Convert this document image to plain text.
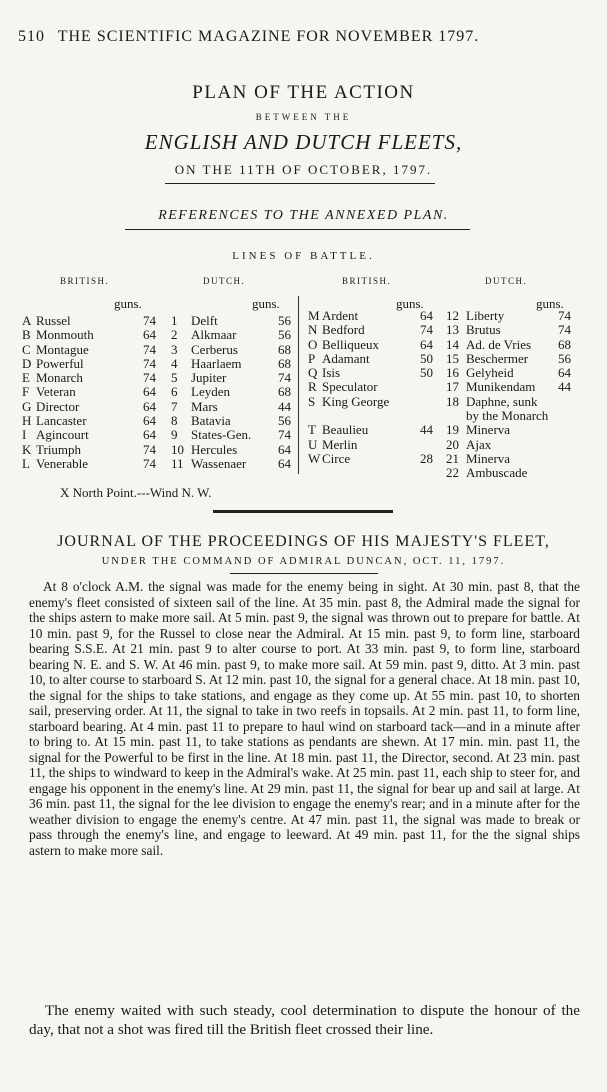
510 THE SCIENTIFIC MAGAZINE FOR NOVEMBER 1797.
PLAN OF THE ACTION
BETWEEN THE
ENGLISH AND DUTCH FLEETS,
ON THE 11TH OF OCTOBER, 1797.
REFERENCES TO THE ANNEXED PLAN.
LINES OF BATTLE.
BRITISH.	DUTCH.	BRITISH.	DUTCH.
guns.	guns.	guns.	guns.
A Russel	74
B Monmouth	64
C Montague	74
D Powerful	74
E Monarch	74
F Veteran	64
G Director	64
H Lancaster	64
I Agincourt	64
K Triumph	74
L Venerable	74
1 Delft	56
2 Alkmaar	56
3 Cerberus	68
4 Haarlaem	68
5 Jupiter	74
6 Leyden	68
7 Mars	44
8 Batavia	56
9 States-Gen. 74
10 Hercules	64
11 Wassenaer 64
M Ardent	64
N Bedford	74
O Belliqueux	64
P Adamant	50
Q Isis	50
R Speculator
S King George
T Beaulieu	44
U Merlin
W Circe	28
12 Liberty	74
13 Brutus	74
14 Ad. de Vries 68
15 Beschermer 56
16 Gelyheid	64
17 Munikendam 44
18 Daphne, sunk
by the Monarch
19 Minerva
20 Ajax
21 Minerva
22 Ambuscade
X North Point.---Wind N. W.
JOURNAL OF THE PROCEEDINGS OF HIS MAJESTY'S FLEET,
UNDER THE COMMAND OF ADMIRAL DUNCAN, OCT. 11, 1797.
At 8 o'clock A.M. the signal was made for the enemy being in sight. At 30 min. past 8, that the enemy's fleet consisted of sixteen sail of the line. At 35 min. past 8, the Admiral made the signal for the ships astern to make more sail. At 5 min. past 9, the signal was thrown out to prepare for battle. At 10 min. past 9, for the Russel to close near the Admiral. At 15 min. past 9, to form line, starboard bearing S.S.E. At 21 min. past 9 to alter course to port. At 33 min. past 9, to form line, starboard bearing N. E. and S. W. At 46 min. past 9, to make more sail. At 59 min. past 9, ditto. At 3 min. past 10, to alter course to starboard S. At 12 min. past 10, the signal for a general chace. At 18 min. past 10, the signal for the ships to take stations, and engage as they come up. At 55 min. past 10, to shorten sail, preserving order. At 11, the signal to take in two reefs in topsails. At 2 min. past 11, to form line, starboard bearing. At 4 min. past 11 to prepare to haul wind on starboard tack—and in a minute after to bring to. At 15 min. past 11, to take stations as pendants are shewn. At 17 min. min. past 11, the signal for the Powerful to be first in the line. At 18 min. past 11, the Director, second. At 23 min. past 11, the ships to windward to keep in the Admiral's wake. At 25 min. past 11, each ship to steer for, and engage his opponent in the enemy's line. At 29 min. past 11, the signal for bear up and sail at large. At 36 min. past 11, the signal for the lee division to engage the enemy's rear; and in a minute after for the weather division to engage the enemy's centre. At 47 min. past 11, the signal was made to break or pass through the enemy's line, and engage to leeward. At 49 min. past 11, for the the signal ships astern to make more sail.
The enemy waited with such steady, cool determination to dispute the honour of the day, that not a shot was fired till the British fleet crossed their line.
